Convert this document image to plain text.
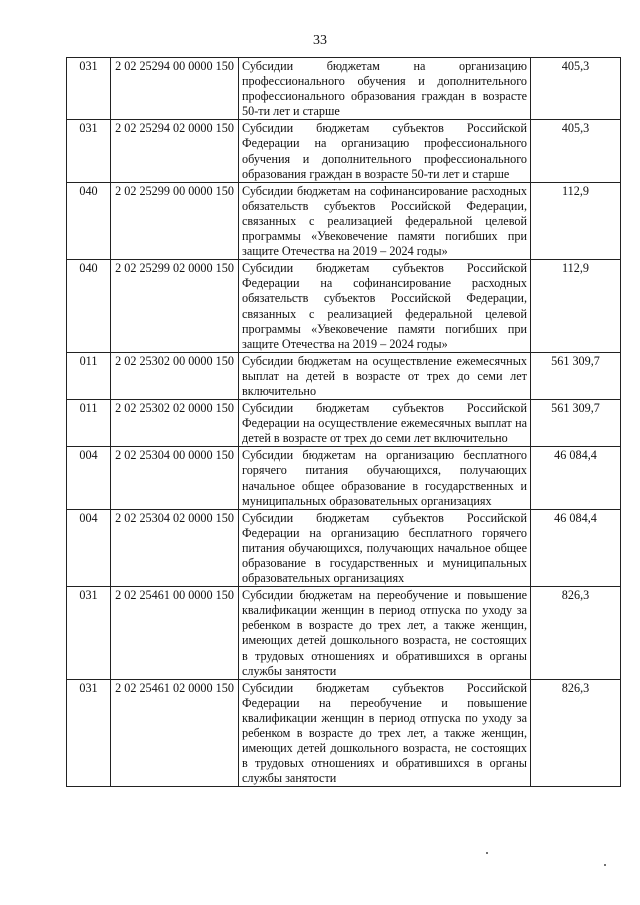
33
031	2 02 25294 00 0000 150	Субсидии бюджетам на организацию профессионального обучения и дополнительного профессионального образования граждан в возрасте 50-ти лет и старше	405,3
031	2 02 25294 02 0000 150	Субсидии бюджетам субъектов Российской Федерации на организацию профессионального обучения и дополнительного профессионального образования граждан в возрасте 50-ти лет и старше	405,3
040	2 02 25299 00 0000 150	Субсидии бюджетам на софинансирование расходных обязательств субъектов Российской Федерации, связанных с реализацией федеральной целевой программы «Увековечение памяти погибших при защите Отечества на 2019 – 2024 годы»	112,9
040	2 02 25299 02 0000 150	Субсидии бюджетам субъектов Российской Федерации на софинансирование расходных обязательств субъектов Российской Федерации, связанных с реализацией федеральной целевой программы «Увековечение памяти погибших при защите Отечества на 2019 – 2024 годы»	112,9
011	2 02 25302 00 0000 150	Субсидии бюджетам на осуществление ежемесячных выплат на детей в возрасте от трех до семи лет включительно	561 309,7
011	2 02 25302 02 0000 150	Субсидии бюджетам субъектов Российской Федерации на осуществление ежемесячных выплат на детей в возрасте от трех до семи лет включительно	561 309,7
004	2 02 25304 00 0000 150	Субсидии бюджетам на организацию бесплатного горячего питания обучающихся, получающих начальное общее образование в государственных и муниципальных образовательных организациях	46 084,4
004	2 02 25304 02 0000 150	Субсидии бюджетам субъектов Российской Федерации на организацию бесплатного горячего питания обучающихся, получающих начальное общее образование в государственных и муниципальных образовательных организациях	46 084,4
031	2 02 25461 00 0000 150	Субсидии бюджетам на переобучение и повышение квалификации женщин в период отпуска по уходу за ребенком в возрасте до трех лет, а также женщин, имеющих детей дошкольного возраста, не состоящих в трудовых отношениях и обратившихся в органы службы занятости	826,3
031	2 02 25461 02 0000 150	Субсидии бюджетам субъектов Российской Федерации на переобучение и повышение квалификации женщин в период отпуска по уходу за ребенком в возрасте до трех лет, а также женщин, имеющих детей дошкольного возраста, не состоящих в трудовых отношениях и обратившихся в органы службы занятости	826,3
